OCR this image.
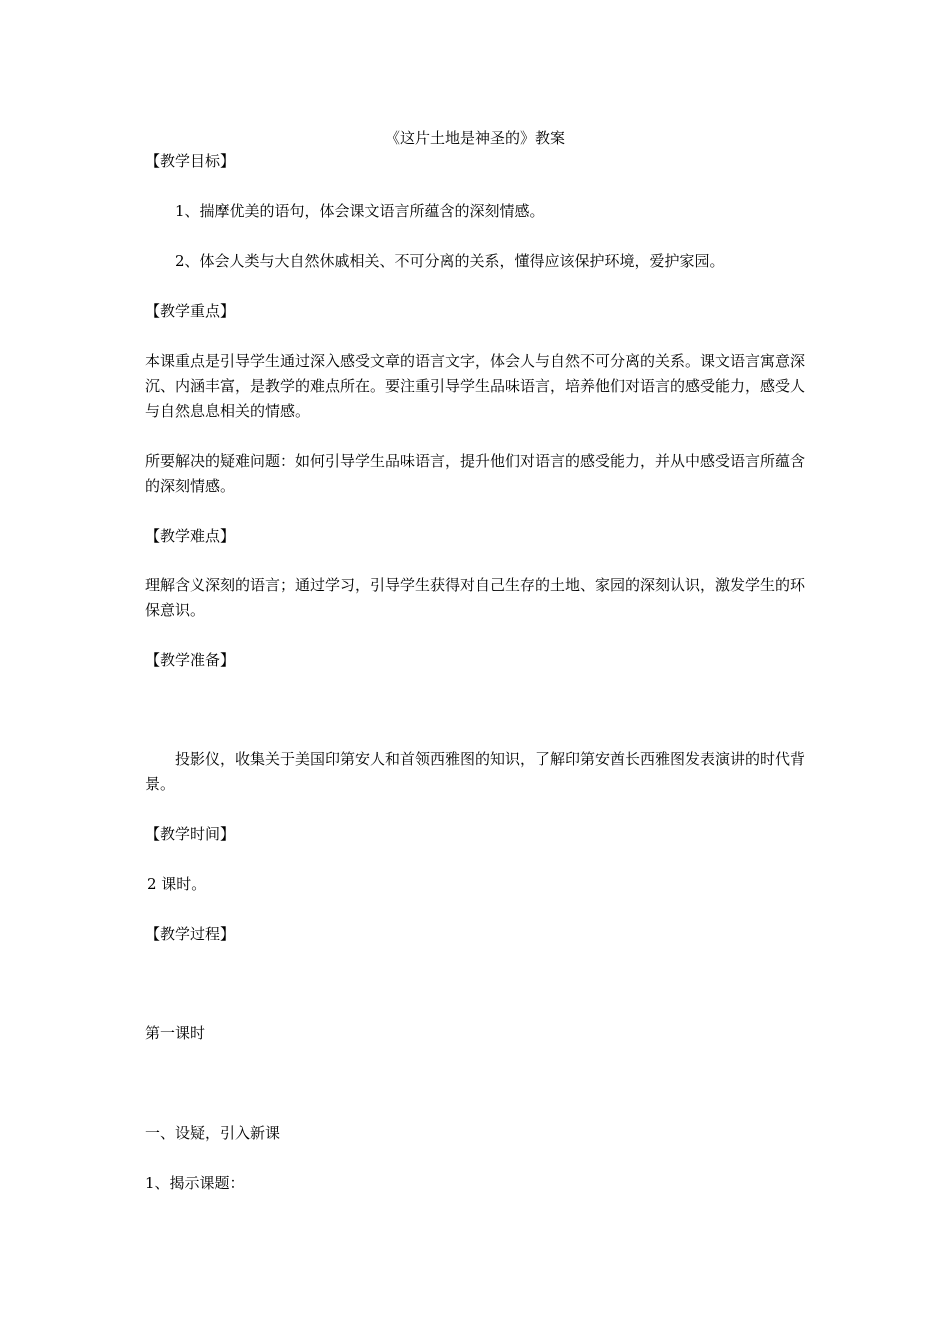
《这片土地是神圣的》教案
【教学目标】
1、揣摩优美的语句，体会课文语言所蕴含的深刻情感。
2、体会人类与大自然休戚相关、不可分离的关系，懂得应该保护环境，爱护家园。
【教学重点】
本课重点是引导学生通过深入感受文章的语言文字，体会人与自然不可分离的关系。课文语言寓意深沉、内涵丰富，是教学的难点所在。要注重引导学生品味语言，培养他们对语言的感受能力，感受人与自然息息相关的情感。
所要解决的疑难问题：如何引导学生品味语言，提升他们对语言的感受能力，并从中感受语言所蕴含的深刻情感。
【教学难点】
理解含义深刻的语言；通过学习，引导学生获得对自己生存的土地、家园的深刻认识，激发学生的环保意识。
【教学准备】
投影仪，收集关于美国印第安人和首领西雅图的知识，了解印第安酋长西雅图发表演讲的时代背景。
【教学时间】
2 课时。
【教学过程】
第一课时
一、设疑，引入新课
1、揭示课题：
